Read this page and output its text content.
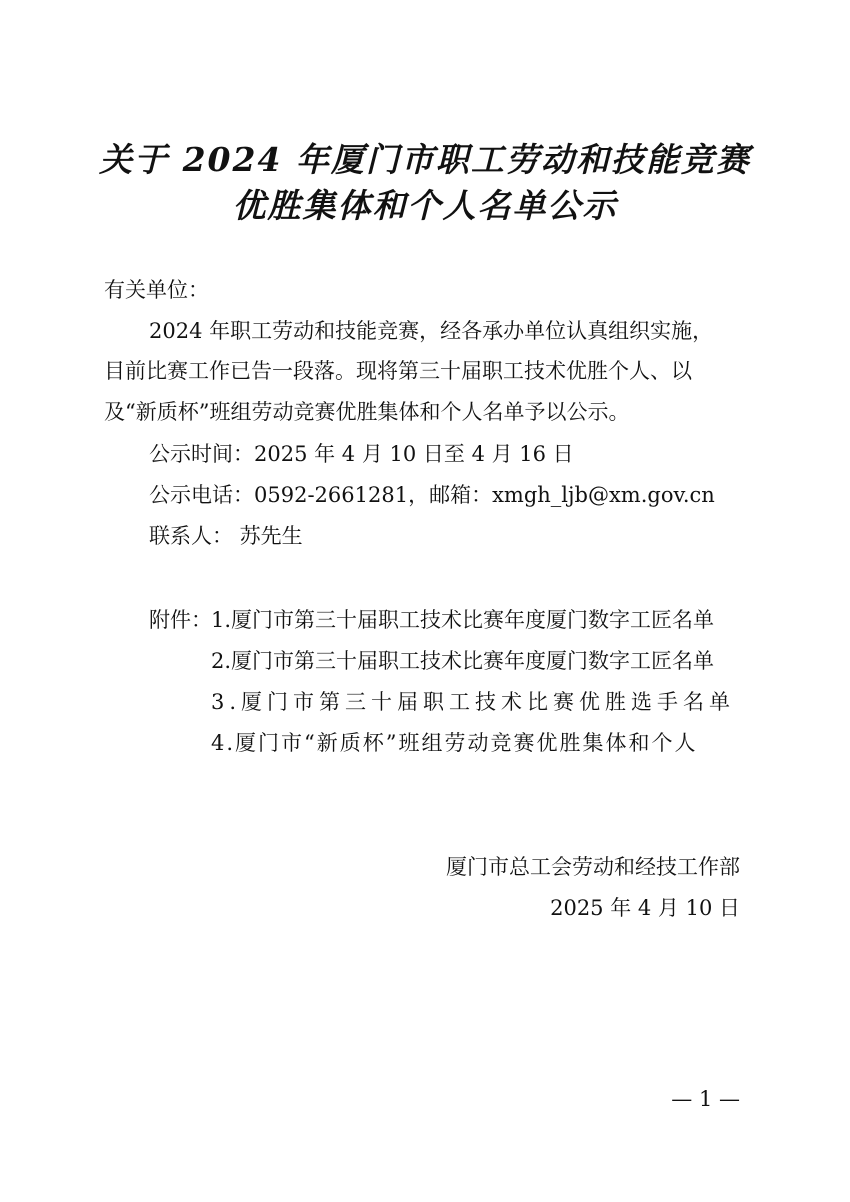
关于 2024 年厦门市职工劳动和技能竞赛
优胜集体和个人名单公示
有关单位：
2024 年职工劳动和技能竞赛，经各承办单位认真组织实施，
目前比赛工作已告一段落。现将第三十届职工技术优胜个人、以
及“新质杯”班组劳动竞赛优胜集体和个人名单予以公示。
公示时间：2025 年 4 月 10 日至 4 月 16 日
公示电话：0592-2661281，邮箱：xmgh_ljb@xm.gov.cn
联系人： 苏先生
附件： 1.厦门市第三十届职工技术比赛年度厦门数字工匠名单
2.厦门市第三十届职工技术比赛年度厦门数字工匠名单
3.厦门市第三十届职工技术比赛优胜选手名单
4.厦门市“新质杯”班组劳动竞赛优胜集体和个人
厦门市总工会劳动和经技工作部
2025 年 4 月 10 日
— 1 —
